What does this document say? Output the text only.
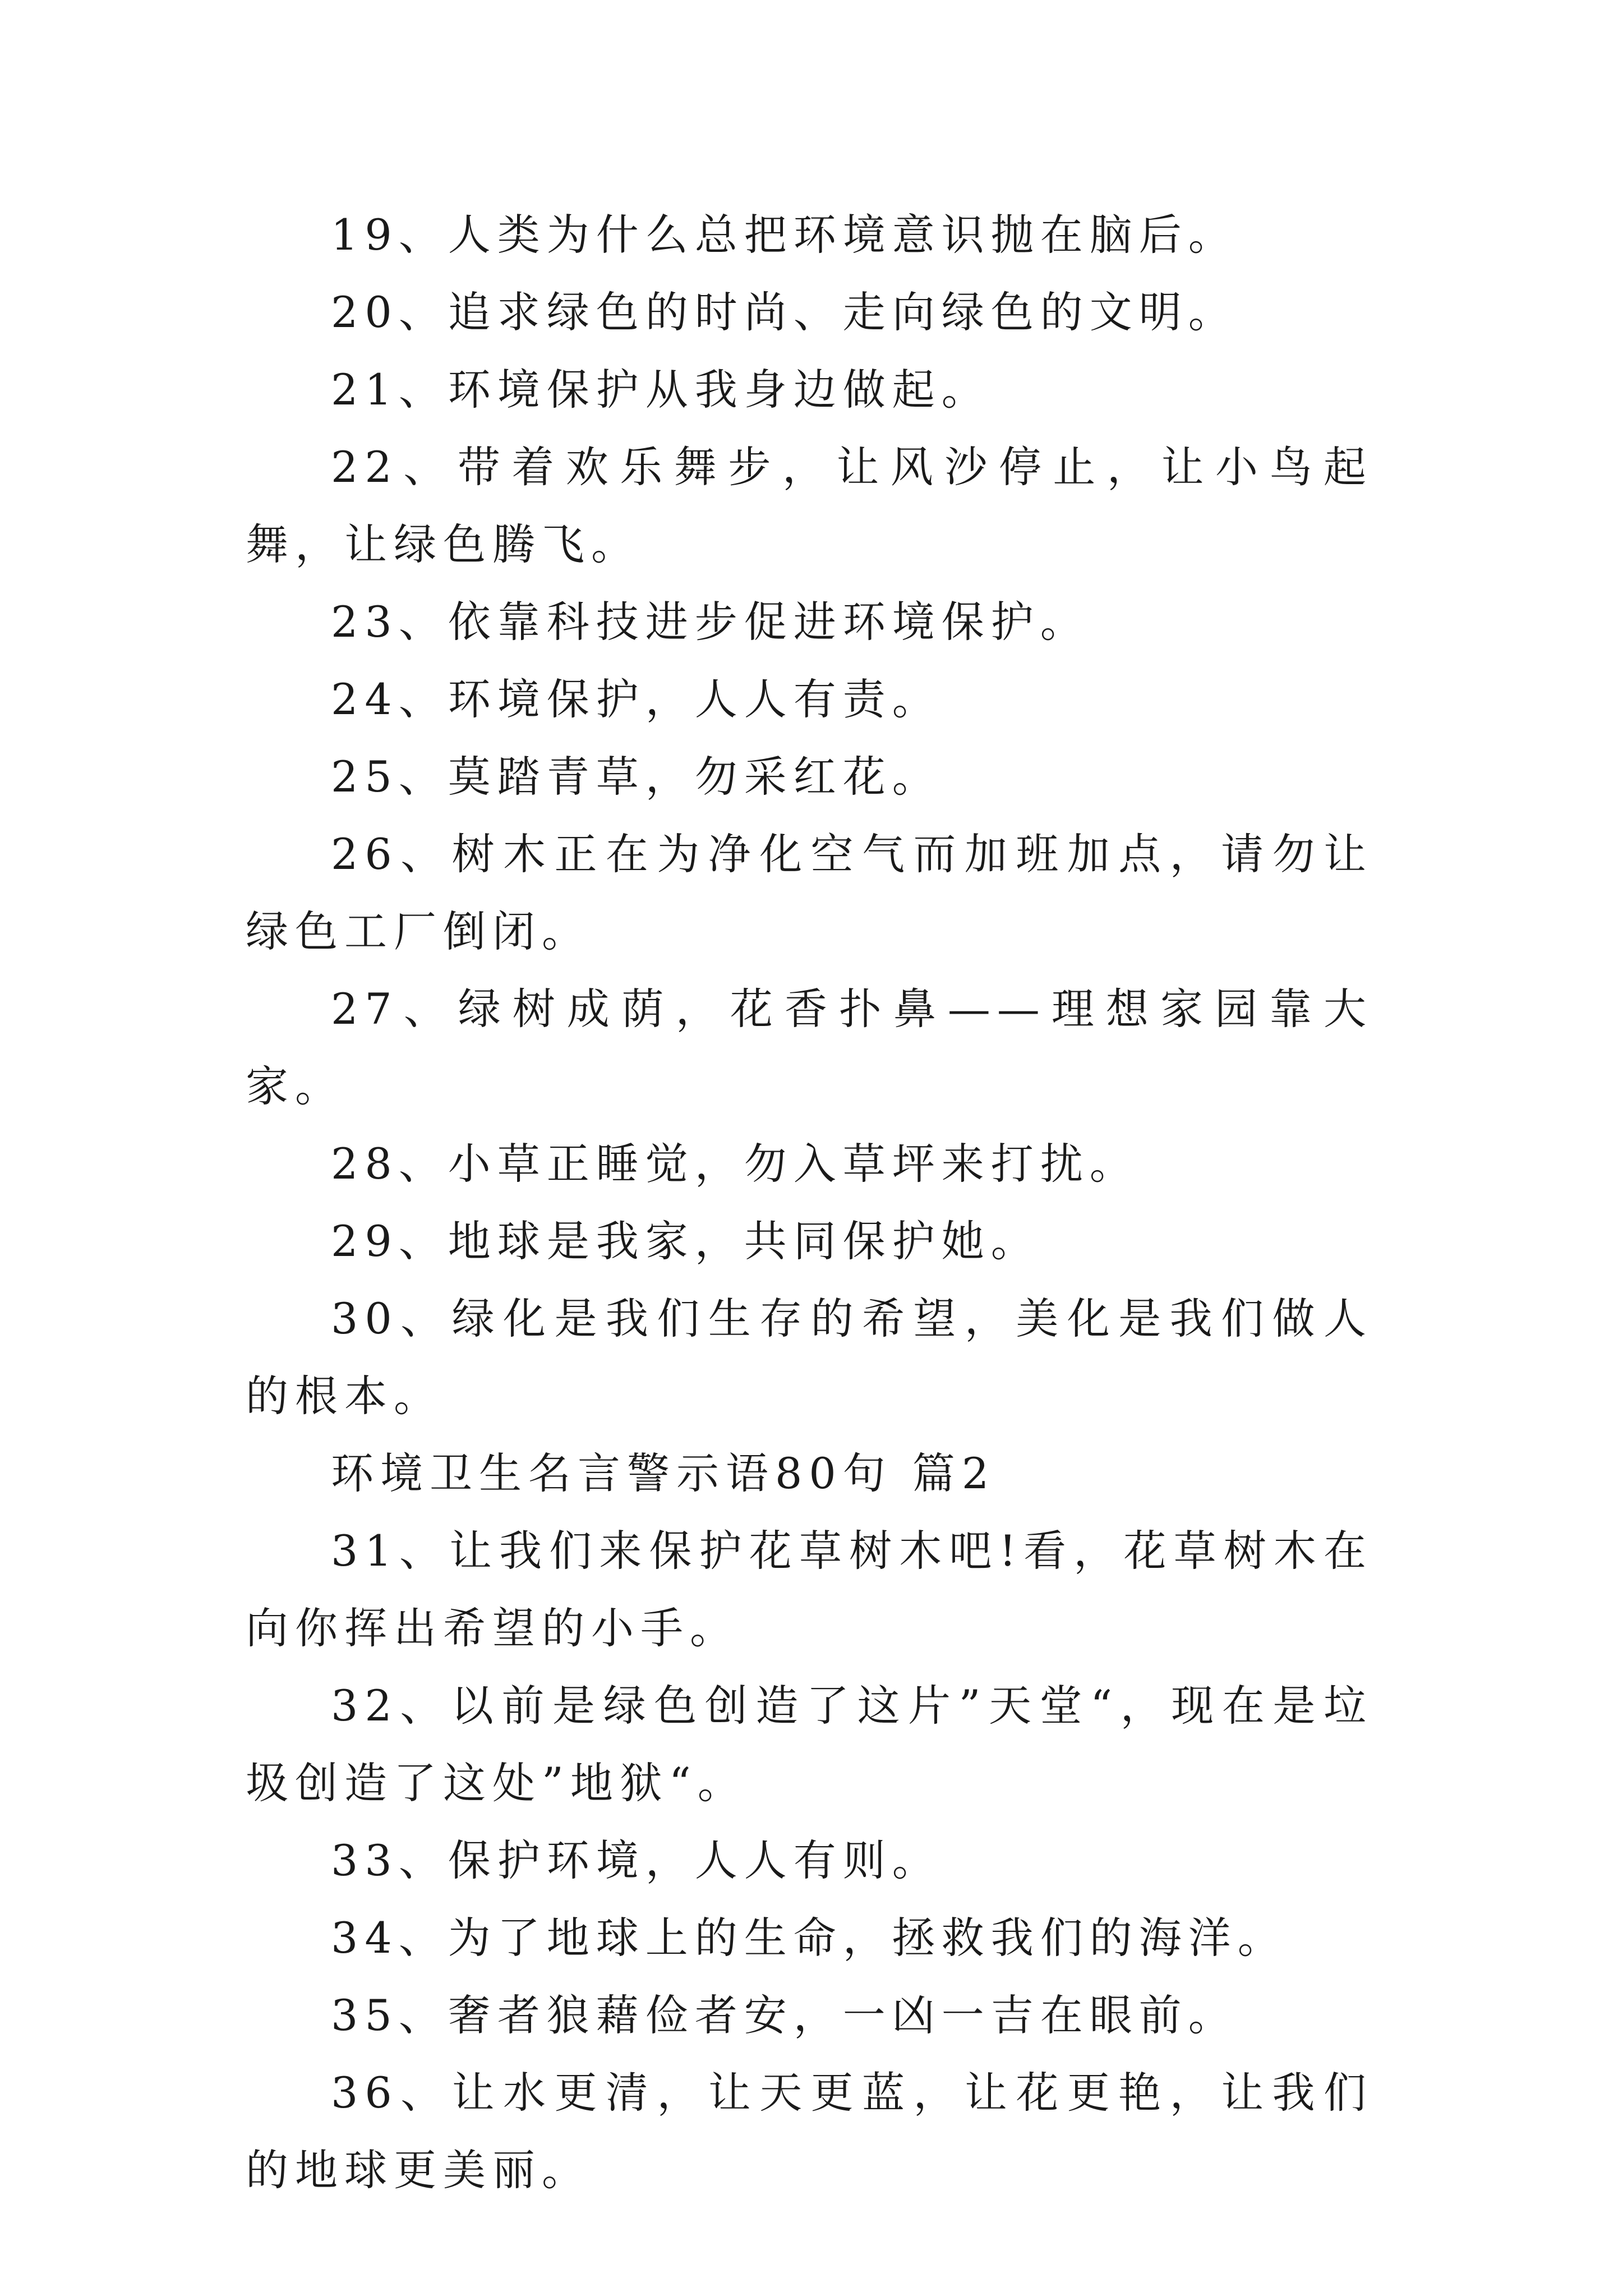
19、人类为什么总把环境意识抛在脑后。

20、追求绿色的时尚、走向绿色的文明。

21、环境保护从我身边做起。

22、带着欢乐舞步，让风沙停止，让小鸟起舞，让绿色腾飞。

23、依靠科技进步促进环境保护。

24、环境保护，人人有责。

25、莫踏青草，勿采红花。

26、树木正在为净化空气而加班加点，请勿让绿色工厂倒闭。

27、绿树成荫，花香扑鼻——理想家园靠大家。

28、小草正睡觉，勿入草坪来打扰。

29、地球是我家，共同保护她。

30、绿化是我们生存的希望，美化是我们做人的根本。

环境卫生名言警示语80句 篇2

31、让我们来保护花草树木吧!看，花草树木在向你挥出希望的小手。

32、以前是绿色创造了这片”天堂“，现在是垃圾创造了这处”地狱“。

33、保护环境，人人有则。

34、为了地球上的生命，拯救我们的海洋。

35、奢者狼藉俭者安，一凶一吉在眼前。

36、让水更清，让天更蓝，让花更艳，让我们的地球更美丽。
